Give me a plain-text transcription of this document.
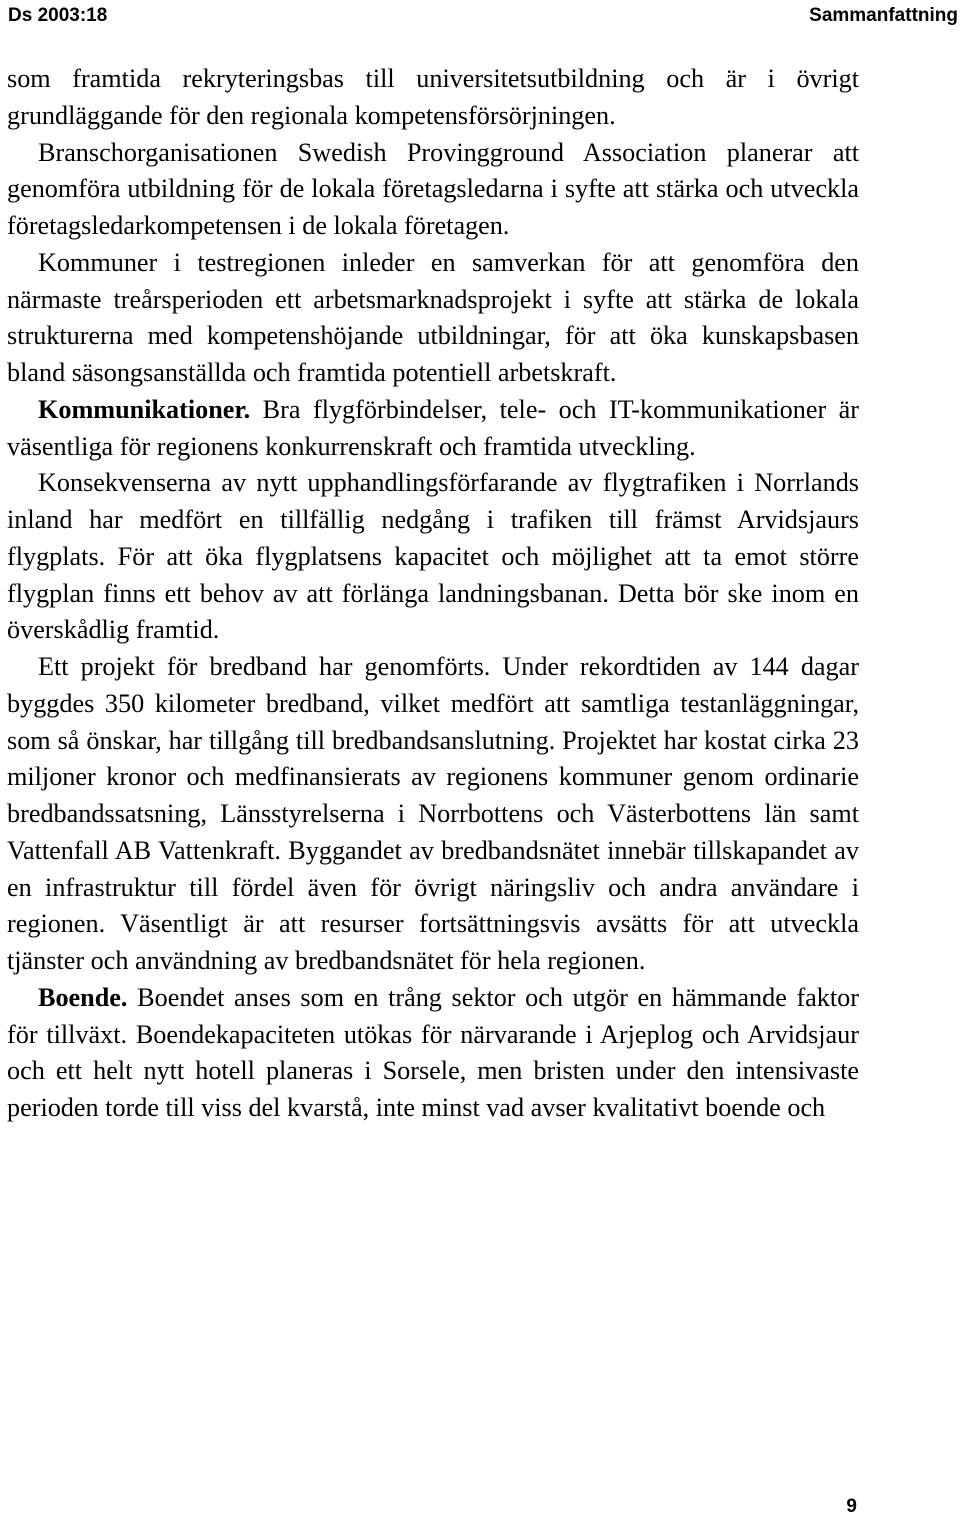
Ds 2003:18	Sammanfattning

som framtida rekryteringsbas till universitetsutbildning och är i övrigt grundläggande för den regionala kompetensförsörjningen.

Branschorganisationen Swedish Provingground Association planerar att genomföra utbildning för de lokala företagsledarna i syfte att stärka och utveckla företagsledarkompetensen i de lokala företagen.

Kommuner i testregionen inleder en samverkan för att genomföra den närmaste treårsperioden ett arbetsmarknadsprojekt i syfte att stärka de lokala strukturerna med kompetenshöjande utbildningar, för att öka kunskapsbasen bland säsongsanställda och framtida potentiell arbetskraft.

Kommunikationer. Bra flygförbindelser, tele- och IT-kommunikationer är väsentliga för regionens konkurrenskraft och framtida utveckling.

Konsekvenserna av nytt upphandlingsförfarande av flygtrafiken i Norrlands inland har medfört en tillfällig nedgång i trafiken till främst Arvidsjaurs flygplats. För att öka flygplatsens kapacitet och möjlighet att ta emot större flygplan finns ett behov av att förlänga landningsbanan. Detta bör ske inom en överskådlig framtid.

Ett projekt för bredband har genomförts. Under rekordtiden av 144 dagar byggdes 350 kilometer bredband, vilket medfört att samtliga testanläggningar, som så önskar, har tillgång till bredbandsanslutning. Projektet har kostat cirka 23 miljoner kronor och medfinansierats av regionens kommuner genom ordinarie bredbandssatsning, Länsstyrelserna i Norrbottens och Västerbottens län samt Vattenfall AB Vattenkraft. Byggandet av bredbandsnätet innebär tillskapandet av en infrastruktur till fördel även för övrigt näringsliv och andra användare i regionen. Väsentligt är att resurser fortsättningsvis avsätts för att utveckla tjänster och användning av bredbandsnätet för hela regionen.

Boende. Boendet anses som en trång sektor och utgör en hämmande faktor för tillväxt. Boendekapaciteten utökas för närvarande i Arjeplog och Arvidsjaur och ett helt nytt hotell planeras i Sorsele, men bristen under den intensivaste perioden torde till viss del kvarstå, inte minst vad avser kvalitativt boende och

9
